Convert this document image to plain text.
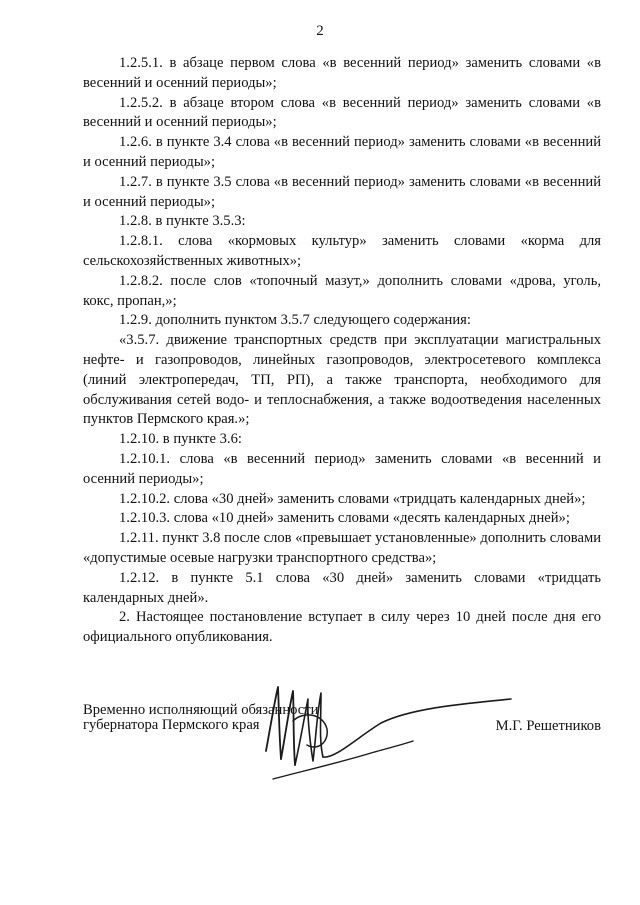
2

1.2.5.1. в абзаце первом слова «в весенний период» заменить словами «в весенний и осенний периоды»;

1.2.5.2. в абзаце втором слова «в весенний период» заменить словами «в весенний и осенний периоды»;

1.2.6. в пункте 3.4 слова «в весенний период» заменить словами «в весенний и осенний периоды»;

1.2.7. в пункте 3.5 слова «в весенний период» заменить словами «в весенний и осенний периоды»;

1.2.8. в пункте 3.5.3:

1.2.8.1. слова «кормовых культур» заменить словами «корма для сельскохозяйственных животных»;

1.2.8.2. после слов «топочный мазут,» дополнить словами «дрова, уголь, кокс, пропан,»;

1.2.9. дополнить пунктом 3.5.7 следующего содержания:

«3.5.7. движение транспортных средств при эксплуатации магистральных нефте- и газопроводов, линейных газопроводов, электросетевого комплекса (линий электропередач, ТП, РП), а также транспорта, необходимого для обслуживания сетей водо- и теплоснабжения, а также водоотведения населенных пунктов Пермского края.»;

1.2.10. в пункте 3.6:

1.2.10.1. слова «в весенний период» заменить словами «в весенний и осенний периоды»;

1.2.10.2. слова «30 дней» заменить словами «тридцать календарных дней»;

1.2.10.3. слова «10 дней» заменить словами «десять календарных дней»;

1.2.11. пункт 3.8 после слов «превышает установленные» дополнить словами «допустимые осевые нагрузки транспортного средства»;

1.2.12. в пункте 5.1 слова «30 дней» заменить словами «тридцать календарных дней».

2. Настоящее постановление вступает в силу через 10 дней после дня его официального опубликования.

Временно исполняющий обязанности
губернатора Пермского края	М.Г. Решетников
